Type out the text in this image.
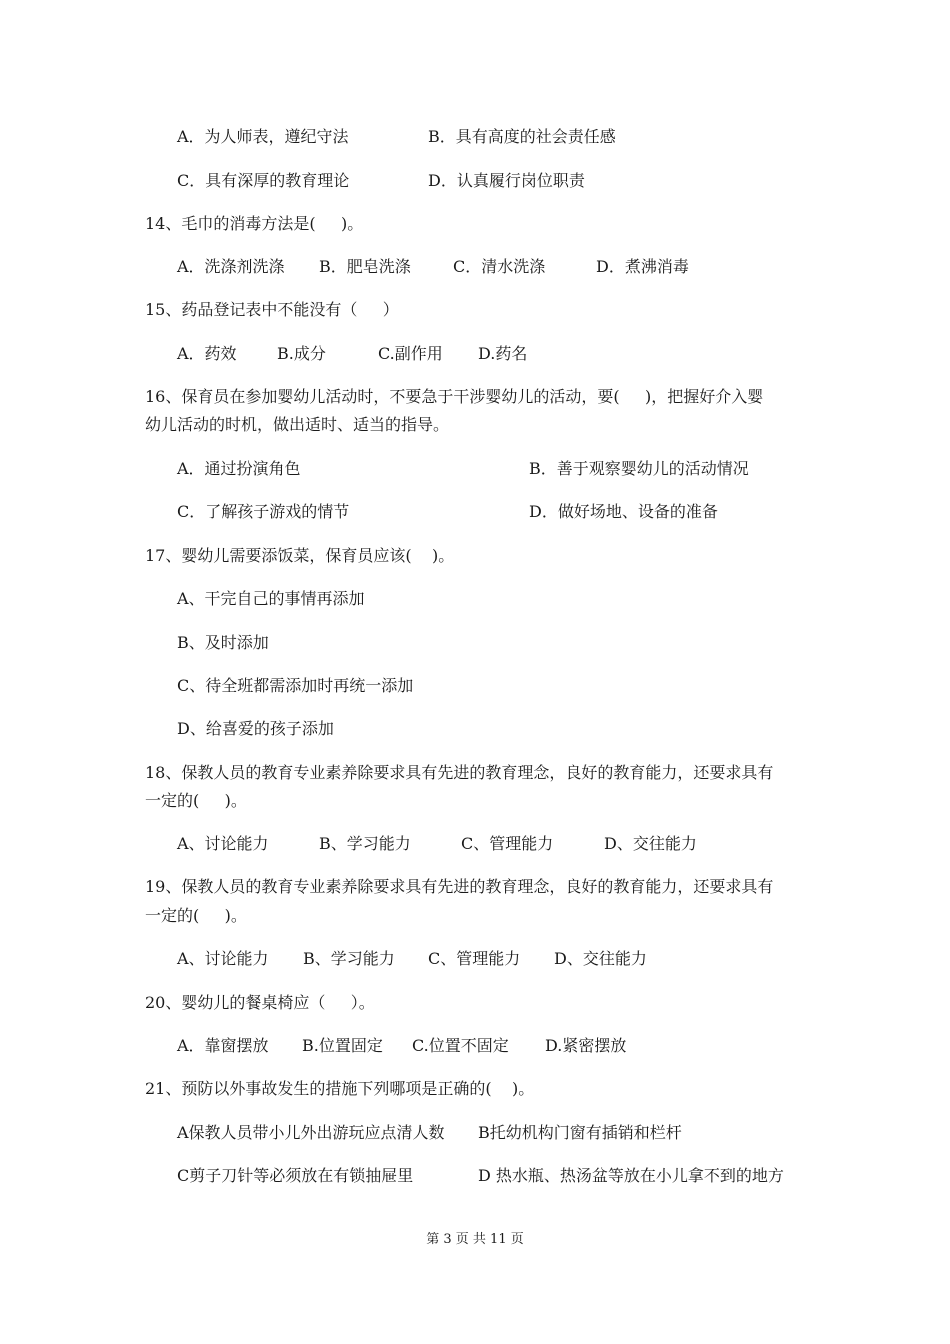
A．为人师表，遵纪守法	B．具有高度的社会责任感
C．具有深厚的教育理论	D．认真履行岗位职责
14、毛巾的消毒方法是(     )。
A．洗涤剂洗涤 B．肥皂洗涤	C．清水洗涤	D．煮沸消毒
15、药品登记表中不能没有（     ）
A．药效	B.成分	C.副作用 D.药名
16、保育员在参加婴幼儿活动时，不要急于干涉婴幼儿的活动，要(     )，把握好介入婴
幼儿活动的时机，做出适时、适当的指导。
A．通过扮演角色	B．善于观察婴幼儿的活动情况
C．了解孩子游戏的情节	D．做好场地、设备的准备
17、婴幼儿需要添饭菜，保育员应该(    )。
A、干完自己的事情再添加
B、及时添加
C、待全班都需添加时再统一添加
D、给喜爱的孩子添加
18、保教人员的教育专业素养除要求具有先进的教育理念，良好的教育能力，还要求具有
一定的(     )。
A、讨论能力	B、学习能力	C、管理能力	D、交往能力
19、保教人员的教育专业素养除要求具有先进的教育理念，良好的教育能力，还要求具有
一定的(     )。
A、讨论能力 B、学习能力 C、管理能力 D、交往能力
20、婴幼儿的餐桌椅应（     ）。
A．靠窗摆放 B.位置固定 C.位置不固定 D.紧密摆放
21、预防以外事故发生的措施下列哪项是正确的(    )。
A保教人员带小儿外出游玩应点清人数 B托幼机构门窗有插销和栏杆
C剪子刀针等必须放在有锁抽屉里	D 热水瓶、热汤盆等放在小儿拿不到的地方
第 3 页 共 11 页
